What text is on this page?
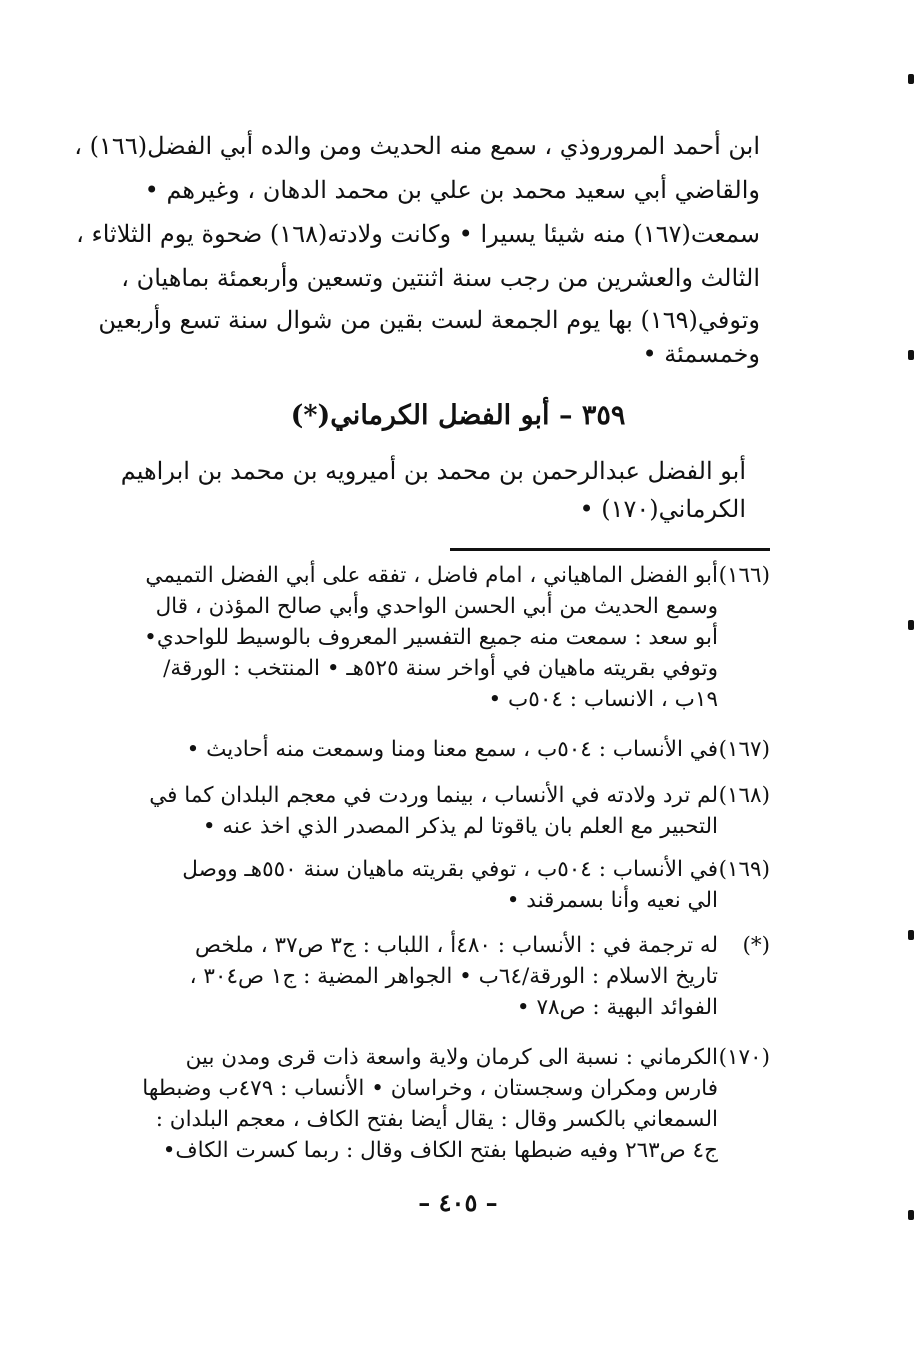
ابن أحمد المروروذي ، سمع منه الحديث ومن والده أبي الفضل(١٦٦) ،
والقاضي أبي سعيد محمد بن علي بن محمد الدهان ، وغيرهم •
سمعت(١٦٧) منه شيئا يسيرا • وكانت ولادته(١٦٨) ضحوة يوم الثلاثاء ،
الثالث والعشرين من رجب سنة اثنتين وتسعين وأربعمئة بماهيان ،
وتوفي(١٦٩) بها يوم الجمعة لست بقين من شوال سنة تسع وأربعين
وخمسمئة •
٣٥٩ – أبو الفضل الكرماني(*)
أبو الفضل عبدالرحمن بن محمد بن أميرويه بن محمد بن ابراهيم
الكرماني(١٧٠) •
(١٦٦)
أبو الفضل الماهياني ، امام فاضل ، تفقه على أبي الفضل التميمي
وسمع الحديث من أبي الحسن الواحدي وأبي صالح المؤذن ، قال
أبو سعد : سمعت منه جميع التفسير المعروف بالوسيط للواحدي•
وتوفي بقريته ماهيان في أواخر سنة ٥٢٥هـ • المنتخب : الورقة/
١٩ب ، الانساب : ٥٠٤ب •
(١٦٧)
في الأنساب : ٥٠٤ب ، سمع معنا ومنا وسمعت منه أحاديث •
(١٦٨)
لم ترد ولادته في الأنساب ، بينما وردت في معجم البلدان كما في
التحبير مع العلم بان ياقوتا لم يذكر المصدر الذي اخذ عنه •
(١٦٩)
في الأنساب : ٥٠٤ب ، توفي بقريته ماهيان سنة ٥٥٠هـ ووصل
الي نعيه وأنا بسمرقند •
(*)
له ترجمة في : الأنساب : ٤٨٠أ ، اللباب : ج٣ ص٣٧ ، ملخص
تاريخ الاسلام : الورقة/٦٤ب • الجواهر المضية : ج١ ص٣٠٤ ،
الفوائد البهية : ص٧٨ •
(١٧٠)
الكرماني : نسبة الى كرمان ولاية واسعة ذات قرى ومدن بين
فارس ومكران وسجستان ، وخراسان • الأنساب : ٤٧٩ب وضبطها
السمعاني بالكسر وقال : يقال أيضا بفتح الكاف ، معجم البلدان :
ج٤ ص٢٦٣ وفيه ضبطها بفتح الكاف وقال : ربما كسرت الكاف•
– ٤٠٥ –
